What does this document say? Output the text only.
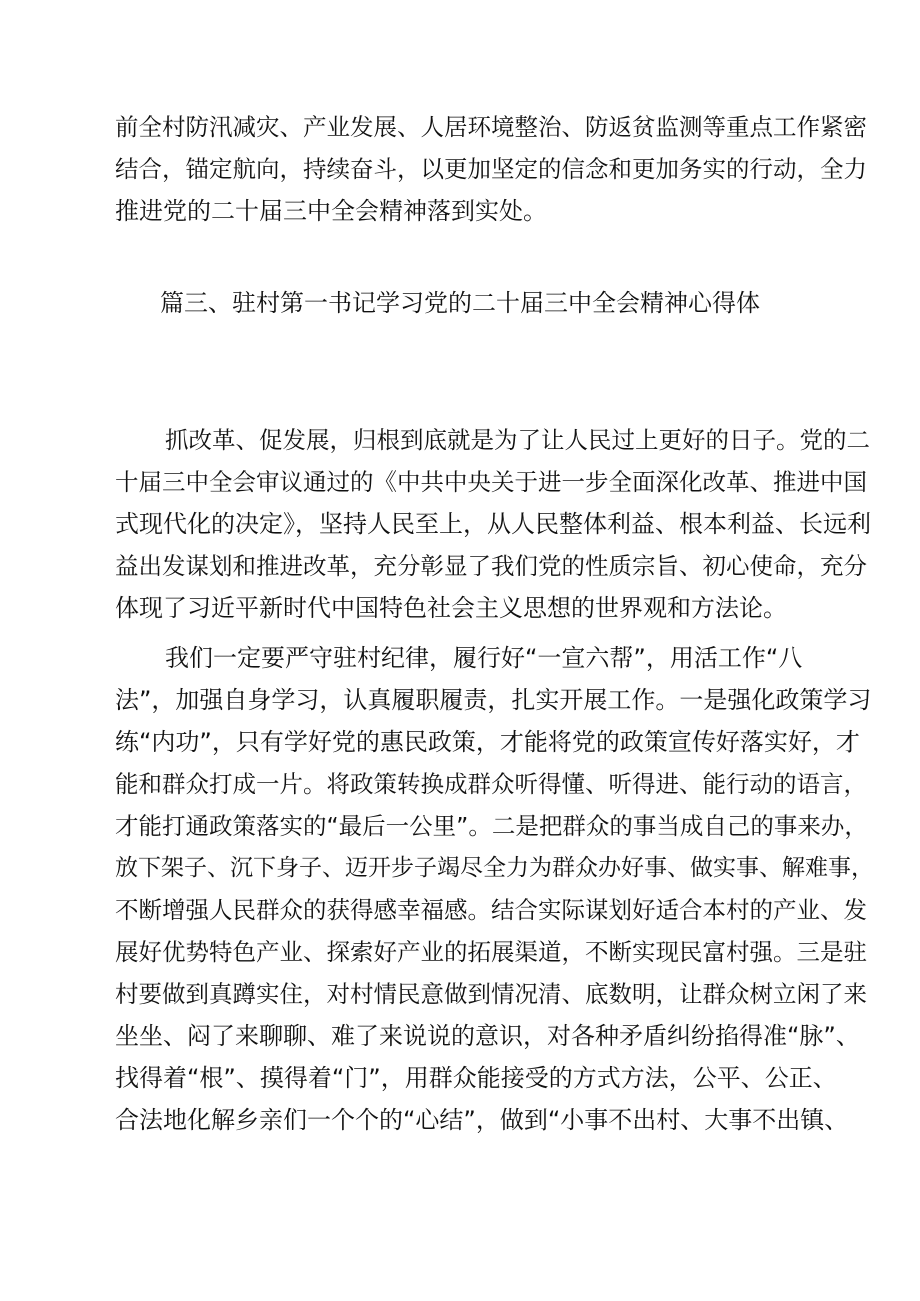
前全村防汛减灾、产业发展、人居环境整治、防返贫监测等重点工作紧密
结合，锚定航向，持续奋斗，以更加坚定的信念和更加务实的行动，全力
推进党的二十届三中全会精神落到实处。
篇三、驻村第一书记学习党的二十届三中全会精神心得体
抓改革、促发展，归根到底就是为了让人民过上更好的日子。党的二
十届三中全会审议通过的《中共中央关于进一步全面深化改革、推进中国
式现代化的决定》，坚持人民至上，从人民整体利益、根本利益、长远利
益出发谋划和推进改革，充分彰显了我们党的性质宗旨、初心使命，充分
体现了习近平新时代中国特色社会主义思想的世界观和方法论。
我们一定要严守驻村纪律，履行好“一宣六帮”，用活工作“八
法”，加强自身学习，认真履职履责，扎实开展工作。一是强化政策学习
练“内功”，只有学好党的惠民政策，才能将党的政策宣传好落实好，才
能和群众打成一片。将政策转换成群众听得懂、听得进、能行动的语言，
才能打通政策落实的“最后一公里”。二是把群众的事当成自己的事来办，
放下架子、沉下身子、迈开步子竭尽全力为群众办好事、做实事、解难事，
不断增强人民群众的获得感幸福感。结合实际谋划好适合本村的产业、发
展好优势特色产业、探索好产业的拓展渠道，不断实现民富村强。三是驻
村要做到真蹲实住，对村情民意做到情况清、底数明，让群众树立闲了来
坐坐、闷了来聊聊、难了来说说的意识，对各种矛盾纠纷掐得准“脉”、
找得着“根”、摸得着“门”，用群众能接受的方式方法，公平、公正、
合法地化解乡亲们一个个的“心结”，做到“小事不出村、大事不出镇、
